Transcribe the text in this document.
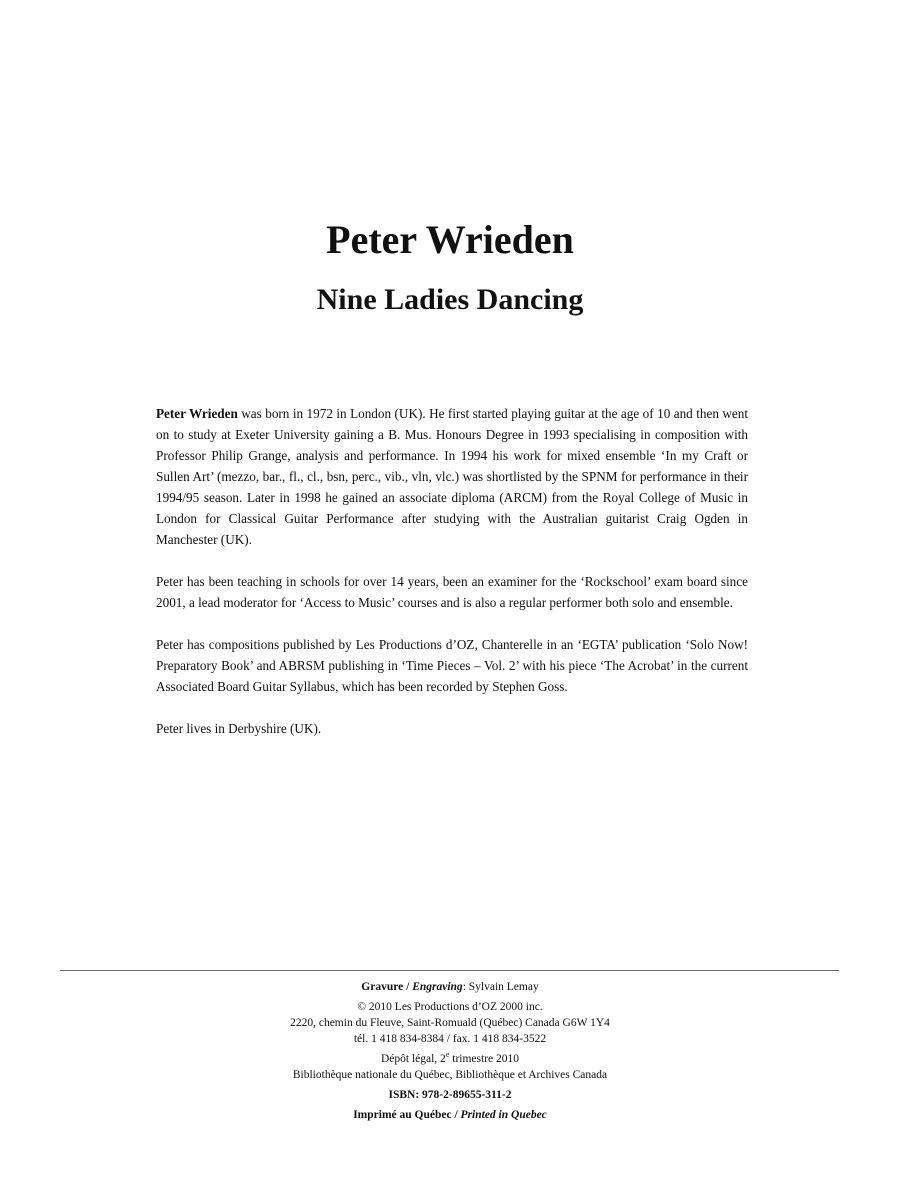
Peter Wrieden
Nine Ladies Dancing

Peter Wrieden was born in 1972 in London (UK). He first started playing guitar at the age of 10 and then went on to study at Exeter University gaining a B. Mus. Honours Degree in 1993 specialising in composition with Professor Philip Grange, analysis and performance. In 1994 his work for mixed ensemble ‘In my Craft or Sullen Art’ (mezzo, bar., fl., cl., bsn, perc., vib., vln, vlc.) was shortlisted by the SPNM for performance in their 1994/95 season. Later in 1998 he gained an associate diploma (ARCM) from the Royal College of Music in London for Classical Guitar Performance after studying with the Australian guitarist Craig Ogden in Manchester (UK).

Peter has been teaching in schools for over 14 years, been an examiner for the ‘Rockschool’ exam board since 2001, a lead moderator for ‘Access to Music’ courses and is also a regular performer both solo and ensemble.

Peter has compositions published by Les Productions d’OZ, Chanterelle in an ‘EGTA’ publication ‘Solo Now! Preparatory Book’ and ABRSM publishing in ‘Time Pieces – Vol. 2’ with his piece ‘The Acrobat’ in the current Associated Board Guitar Syllabus, which has been recorded by Stephen Goss.

Peter lives in Derbyshire (UK).

Gravure / Engraving: Sylvain Lemay
© 2010 Les Productions d’OZ 2000 inc.
2220, chemin du Fleuve, Saint-Romuald (Québec) Canada G6W 1Y4
tél. 1 418 834-8384 / fax. 1 418 834-3522
Dépôt légal, 2e trimestre 2010
Bibliothèque nationale du Québec, Bibliothèque et Archives Canada
ISBN: 978-2-89655-311-2
Imprimé au Québec / Printed in Quebec
